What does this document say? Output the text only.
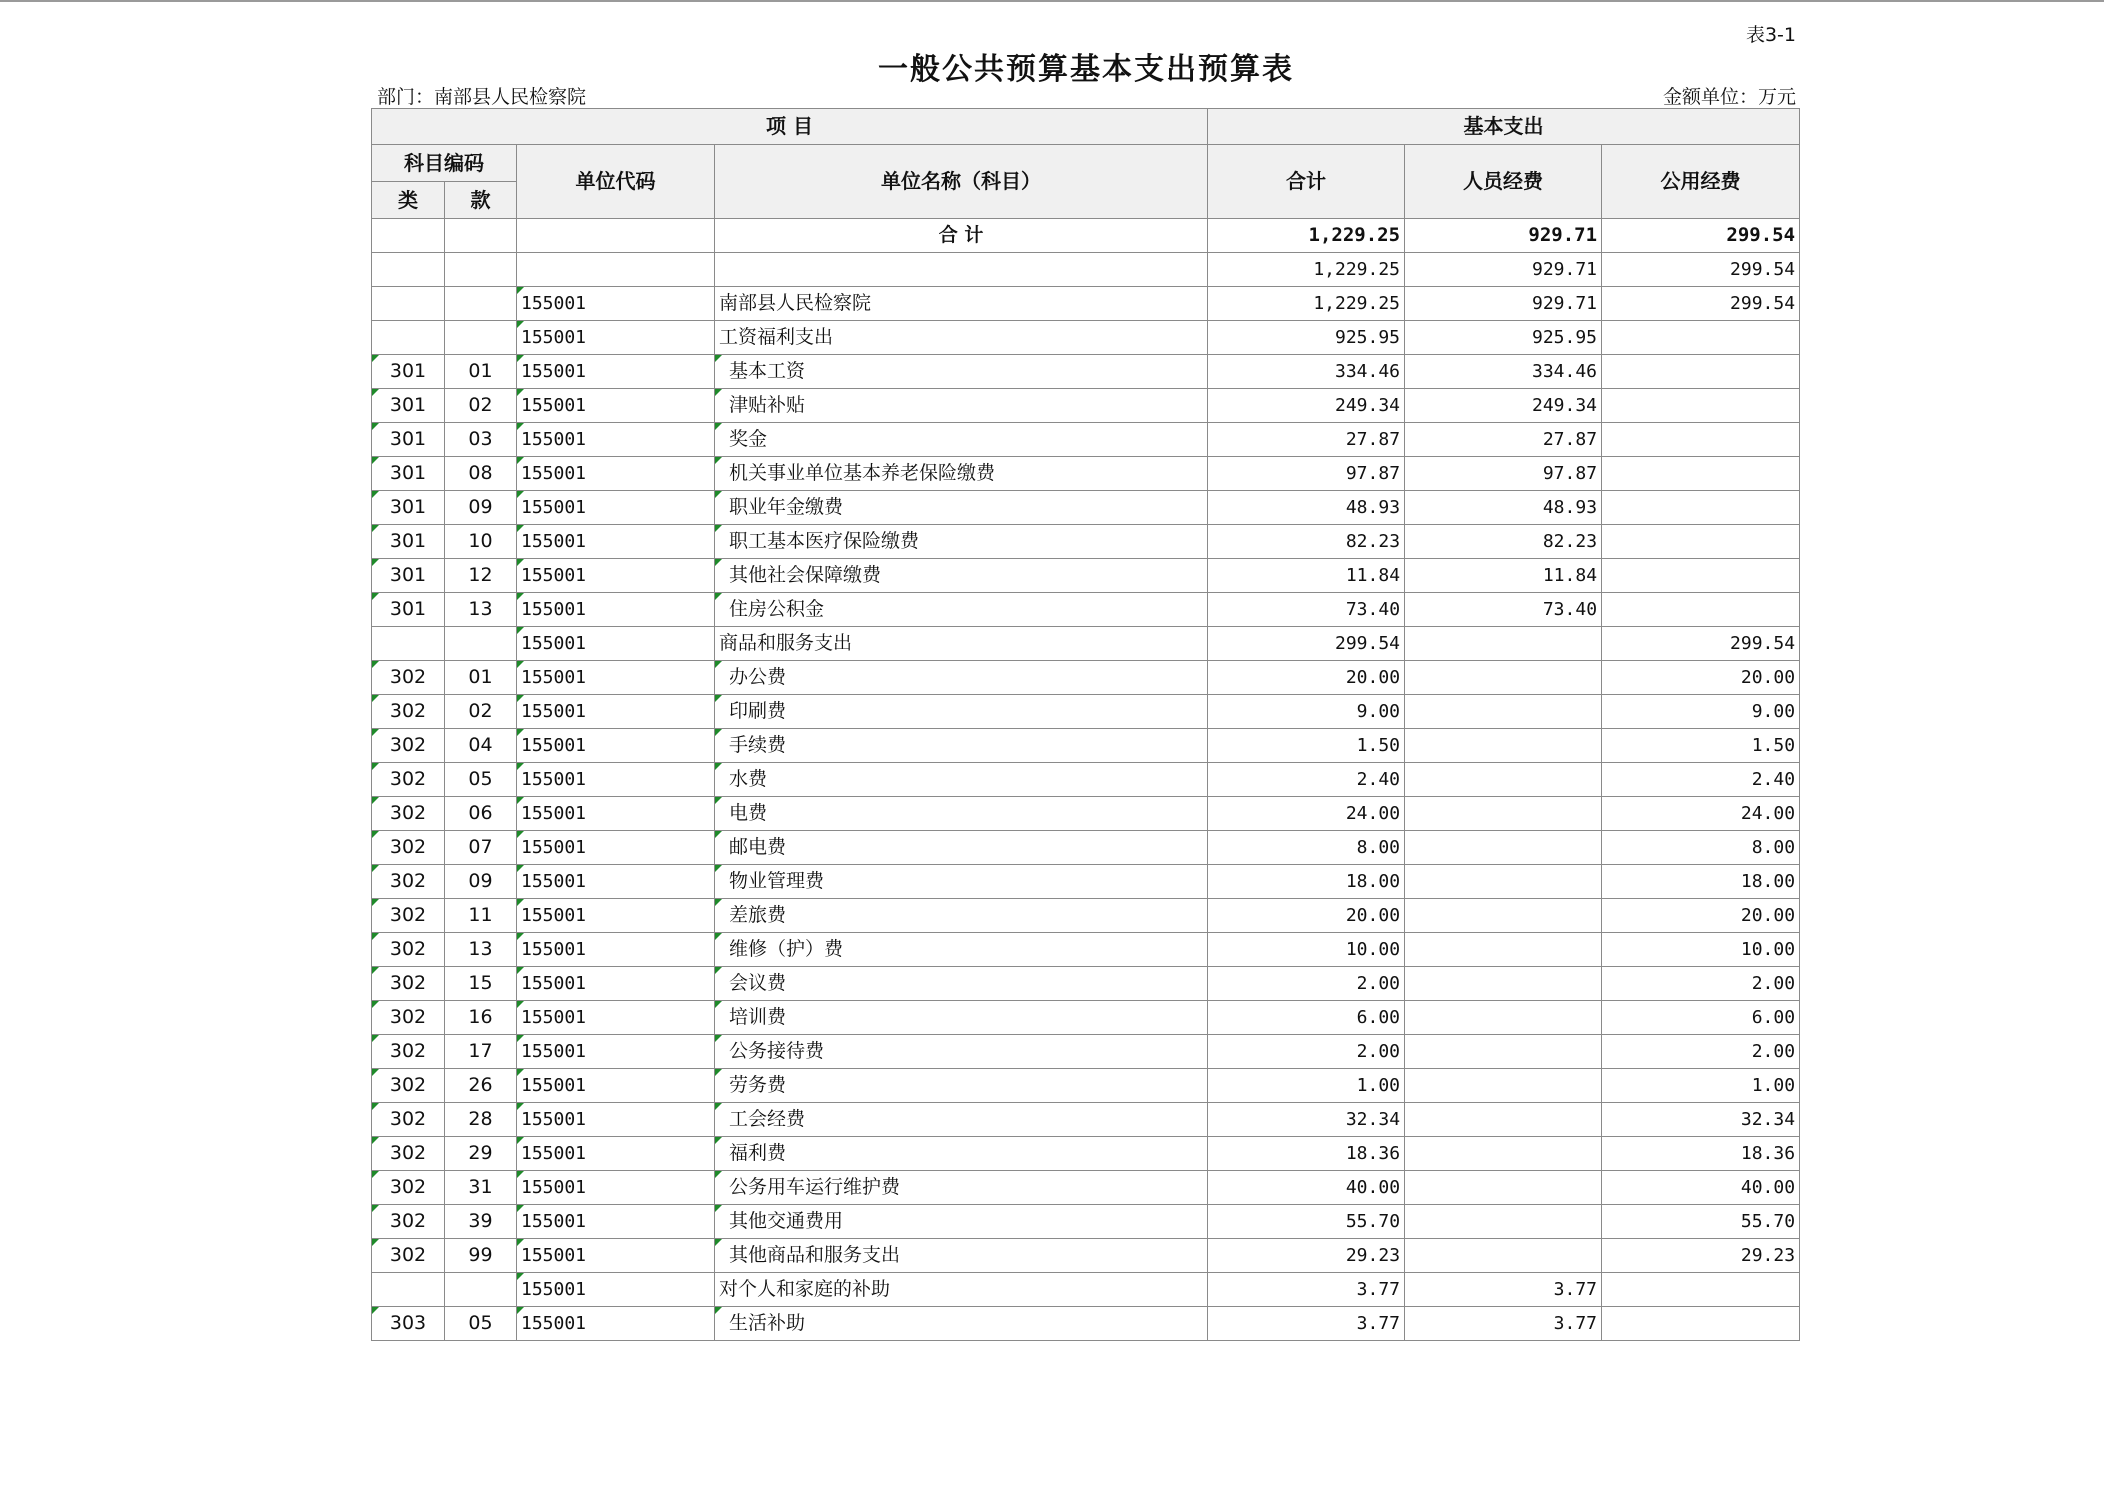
表3-1
一般公共预算基本支出预算表
部门：南部县人民检察院	金额单位：万元
项 目				基本支出		
科目编码		单位代码	单位名称（科目）	合计	人员经费	公用经费
类	款					
			合 计	1,229.25	929.71	299.54
				1,229.25	929.71	299.54
		155001	南部县人民检察院	1,229.25	929.71	299.54
		155001	工资福利支出	925.95	925.95	
301	01	155001	基本工资	334.46	334.46	
301	02	155001	津贴补贴	249.34	249.34	
301	03	155001	奖金	27.87	27.87	
301	08	155001	机关事业单位基本养老保险缴费	97.87	97.87	
301	09	155001	职业年金缴费	48.93	48.93	
301	10	155001	职工基本医疗保险缴费	82.23	82.23	
301	12	155001	其他社会保障缴费	11.84	11.84	
301	13	155001	住房公积金	73.40	73.40	
		155001	商品和服务支出	299.54		299.54
302	01	155001	办公费	20.00		20.00
302	02	155001	印刷费	9.00		9.00
302	04	155001	手续费	1.50		1.50
302	05	155001	水费	2.40		2.40
302	06	155001	电费	24.00		24.00
302	07	155001	邮电费	8.00		8.00
302	09	155001	物业管理费	18.00		18.00
302	11	155001	差旅费	20.00		20.00
302	13	155001	维修（护）费	10.00		10.00
302	15	155001	会议费	2.00		2.00
302	16	155001	培训费	6.00		6.00
302	17	155001	公务接待费	2.00		2.00
302	26	155001	劳务费	1.00		1.00
302	28	155001	工会经费	32.34		32.34
302	29	155001	福利费	18.36		18.36
302	31	155001	公务用车运行维护费	40.00		40.00
302	39	155001	其他交通费用	55.70		55.70
302	99	155001	其他商品和服务支出	29.23		29.23
		155001	对个人和家庭的补助	3.77	3.77	
303	05	155001	生活补助	3.77	3.77	
